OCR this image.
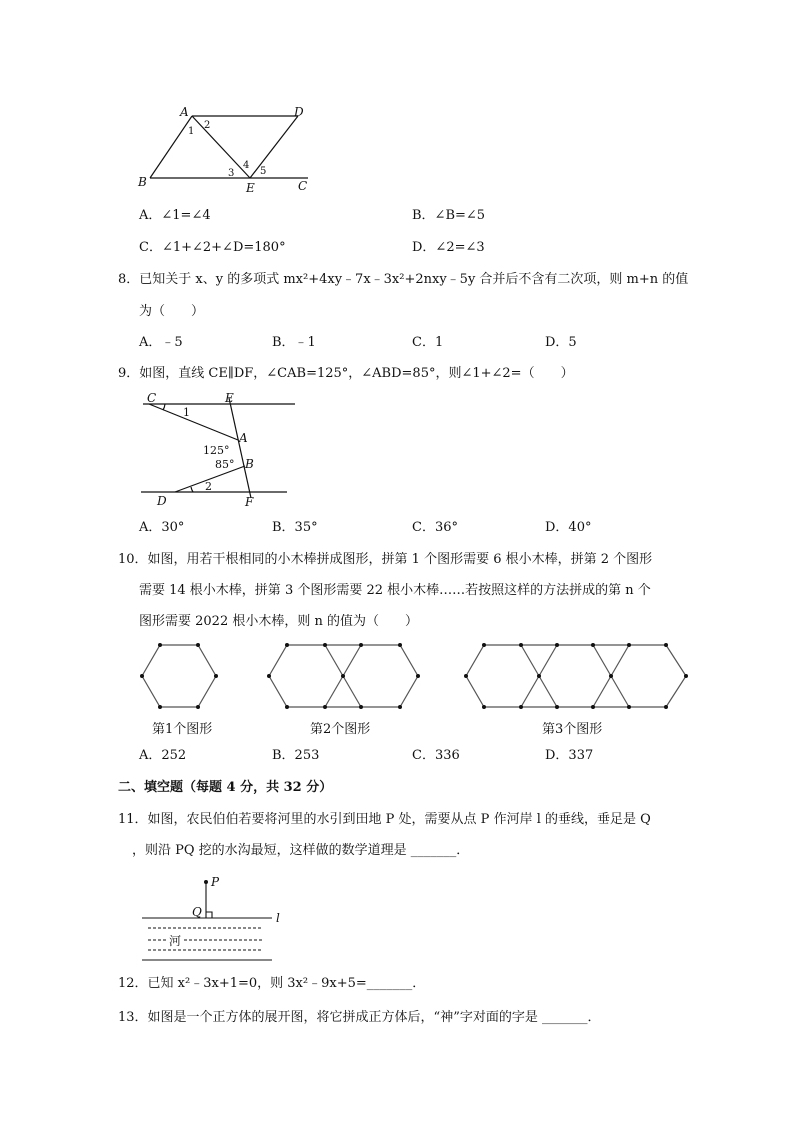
A	D
B	E	C
1
2
3
4
5
A．∠1=∠4	B．∠B=∠5
C．∠1+∠2+∠D=180°	D．∠2=∠3
8．已知关于 x、y 的多项式 mx²+4xy﹣7x﹣3x²+2nxy﹣5y 合并后不含有二次项，则 m+n 的值
为（　　）
A．﹣5	B．﹣1	C．1	D．5
9．如图，直线 CE∥DF，∠CAB=125°，∠ABD=85°，则∠1+∠2=（　　）
C	E
A
B
D	F
1
2
125°
85°
A．30°	B．35°	C．36°	D．40°
10．如图，用若干根相同的小木棒拼成图形，拼第 1 个图形需要 6 根小木棒，拼第 2 个图形
需要 14 根小木棒，拼第 3 个图形需要 22 根小木棒……若按照这样的方法拼成的第 n 个
图形需要 2022 根小木棒，则 n 的值为（　　）
第1个图形	第2个图形	第3个图形
A．252	B．253	C．336	D．337
二、填空题（每题 4 分，共 32 分）
11．如图，农民伯伯若要将河里的水引到田地 P 处，需要从点 P 作河岸 l 的垂线，垂足是 Q
，则沿 PQ 挖的水沟最短，这样做的数学道理是 _______．
P
Q	l
河
12．已知 x²﹣3x+1=0，则 3x²﹣9x+5=_______．
13．如图是一个正方体的展开图，将它拼成正方体后，“神”字对面的字是 _______．
